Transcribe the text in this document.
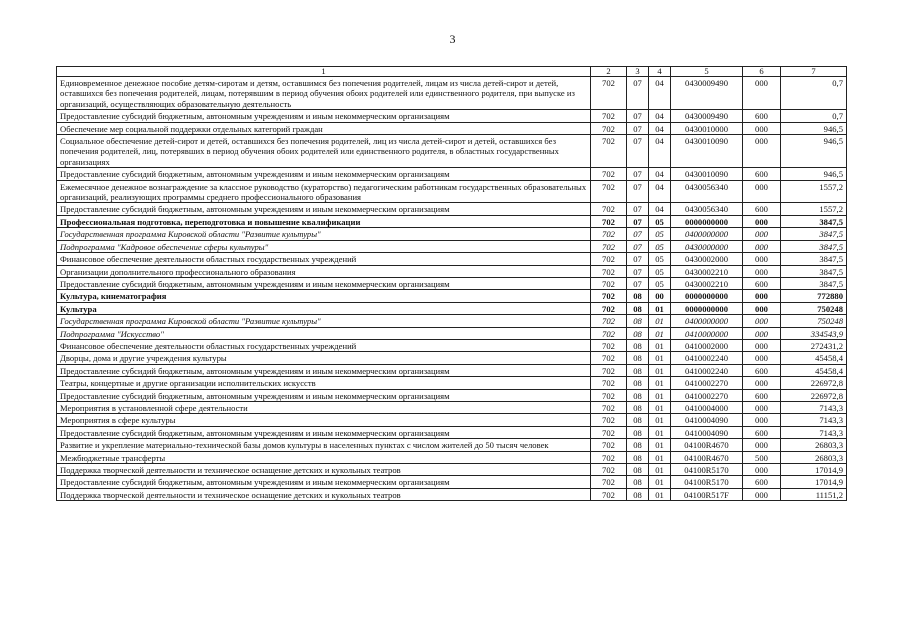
3
1	2	3	4	5	6	7
Единовременное денежное пособие детям-сиротам и детям, оставшимся без попечения родителей, лицам из числа детей-сирот и детей, оставшихся без попечения родителей, лицам, потерявшим в период обучения обоих родителей или единственного родителя, при выпуске из организаций, осуществляющих образовательную деятельность	702	07	04	0430009490	000	0,7
Предоставление субсидий бюджетным, автономным учреждениям и иным некоммерческим организациям	702	07	04	0430009490	600	0,7
Обеспечение мер социальной поддержки отдельных категорий граждан	702	07	04	0430010000	000	946,5
Социальное обеспечение детей-сирот и детей, оставшихся без попечения родителей, лиц из числа детей-сирот и детей, оставшихся без попечения родителей, лиц, потерявших в период обучения обоих родителей или единственного родителя, в областных государственных организациях	702	07	04	0430010090	000	946,5
Предоставление субсидий бюджетным, автономным учреждениям и иным некоммерческим организациям	702	07	04	0430010090	600	946,5
Ежемесячное денежное вознаграждение за классное руководство (кураторство) педагогическим работникам государственных образовательных организаций, реализующих программы среднего профессионального образования	702	07	04	0430056340	000	1557,2
Предоставление субсидий бюджетным, автономным учреждениям и иным некоммерческим организациям	702	07	04	0430056340	600	1557,2
Профессиональная подготовка, переподготовка и повышение квалификации	702	07	05	0000000000	000	3847,5
Государственная программа Кировской области "Развитие культуры"	702	07	05	0400000000	000	3847,5
Подпрограмма "Кадровое обеспечение сферы культуры"	702	07	05	0430000000	000	3847,5
Финансовое обеспечение деятельности областных государственных учреждений	702	07	05	0430002000	000	3847,5
Организации дополнительного профессионального образования	702	07	05	0430002210	000	3847,5
Предоставление субсидий бюджетным, автономным учреждениям и иным некоммерческим организациям	702	07	05	0430002210	600	3847,5
Культура, кинематография	702	08	00	0000000000	000	772880
Культура	702	08	01	0000000000	000	750248
Государственная программа Кировской области "Развитие культуры"	702	08	01	0400000000	000	750248
Подпрограмма "Искусство"	702	08	01	0410000000	000	334543,9
Финансовое обеспечение деятельности областных государственных учреждений	702	08	01	0410002000	000	272431,2
Дворцы, дома и другие учреждения культуры	702	08	01	0410002240	000	45458,4
Предоставление субсидий бюджетным, автономным учреждениям и иным некоммерческим организациям	702	08	01	0410002240	600	45458,4
Театры, концертные и другие организации исполнительских искусств	702	08	01	0410002270	000	226972,8
Предоставление субсидий бюджетным, автономным учреждениям и иным некоммерческим организациям	702	08	01	0410002270	600	226972,8
Мероприятия в установленной сфере деятельности	702	08	01	0410004000	000	7143,3
Мероприятия в сфере культуры	702	08	01	0410004090	000	7143,3
Предоставление субсидий бюджетным, автономным учреждениям и иным некоммерческим организациям	702	08	01	0410004090	600	7143,3
Развитие и укрепление материально-технической базы домов культуры в населенных пунктах с числом жителей до 50 тысяч человек	702	08	01	04100R4670	000	26803,3
Межбюджетные трансферты	702	08	01	04100R4670	500	26803,3
Поддержка творческой деятельности и техническое оснащение детских и кукольных театров	702	08	01	04100R5170	000	17014,9
Предоставление субсидий бюджетным, автономным учреждениям и иным некоммерческим организациям	702	08	01	04100R5170	600	17014,9
Поддержка творческой деятельности и техническое оснащение детских и кукольных театров	702	08	01	04100R517F	000	11151,2
